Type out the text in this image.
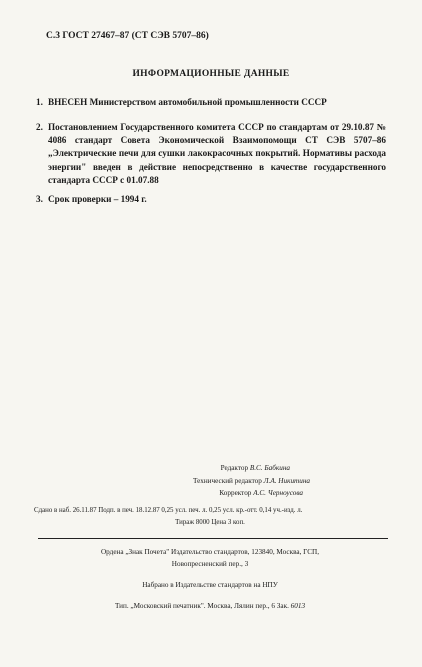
С.3 ГОСТ 27467–87 (СТ СЭВ 5707–86)
ИНФОРМАЦИОННЫЕ ДАННЫЕ
1. ВНЕСЕН Министерством автомобильной промышленности СССР
2. Постановлением Государственного комитета СССР по стандартам от 29.10.87 № 4086 стандарт Совета Экономической Взаимопомощи СТ СЭВ 5707–86 „Электрические печи для сушки лакокрасочных покрытий. Нормативы расхода энергии" введен в действие непосредственно в качестве государственного стандарта СССР с 01.07.88
3. Срок проверки – 1994 г.
Редактор В.С. Бабкина
Технический редактор Л.А. Никитина
Корректор А.С. Черноусова
Сдано в наб. 26.11.87 Подп. в печ. 18.12.87 0,25 усл. печ. л. 0,25 усл. кр.-отт. 0,14 уч.-изд. л.
Тираж 8000 Цена 3 коп.
Ордена „Знак Почета" Издательство стандартов, 123840, Москва, ГСП,
Новопресненский пер., 3
Набрано в Издательстве стандартов на НПУ
Тип. „Московский печатник". Москва, Лялин пер., 6 Зак. 6013
